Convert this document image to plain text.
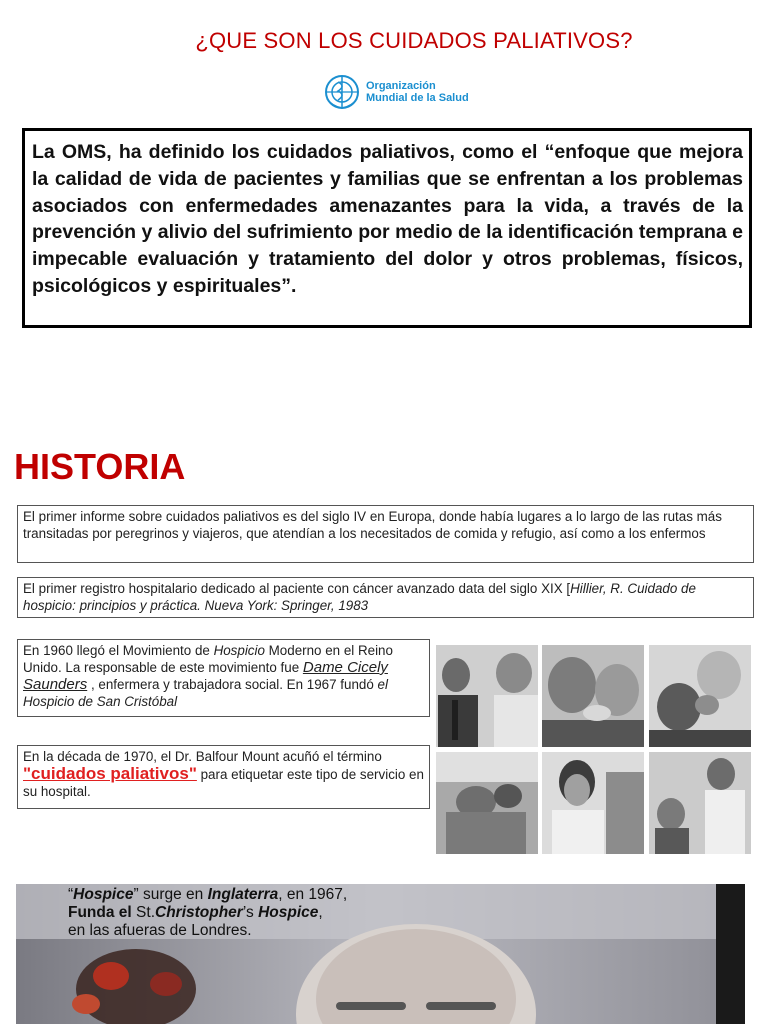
¿QUE SON LOS CUIDADOS PALIATIVOS?
Organización
Mundial de la Salud
La OMS, ha definido los cuidados paliativos, como el “enfoque que mejora la calidad de vida de pacientes y familias que se enfrentan a los problemas asociados con enfermedades amenazantes para la vida, a través de la prevención y alivio del sufrimiento por medio de la identificación temprana e impecable evaluación y tratamiento del dolor y otros problemas, físicos, psicológicos y espirituales”.
HISTORIA
El primer informe sobre cuidados paliativos es del siglo IV en Europa, donde había lugares a lo largo de las rutas más transitadas por peregrinos y viajeros, que atendían a los necesitados de comida y refugio, así como a los enfermos
El primer registro hospitalario dedicado al paciente con cáncer avanzado data del siglo XIX [Hillier, R. Cuidado de hospicio: principios y práctica. Nueva York: Springer, 1983
En 1960 llegó el Movimiento de Hospicio Moderno en el Reino Unido. La responsable de este movimiento fue Dame Cicely Saunders , enfermera y trabajadora social. En 1967 fundó el Hospicio de San Cristóbal
En la década de 1970, el Dr. Balfour Mount acuñó el término "cuidados paliativos" para etiquetar este tipo de servicio en su hospital.
“Hospice” surge en Inglaterra, en 1967,
Funda el St.Christopher’s Hospice,
en las afueras de Londres.
